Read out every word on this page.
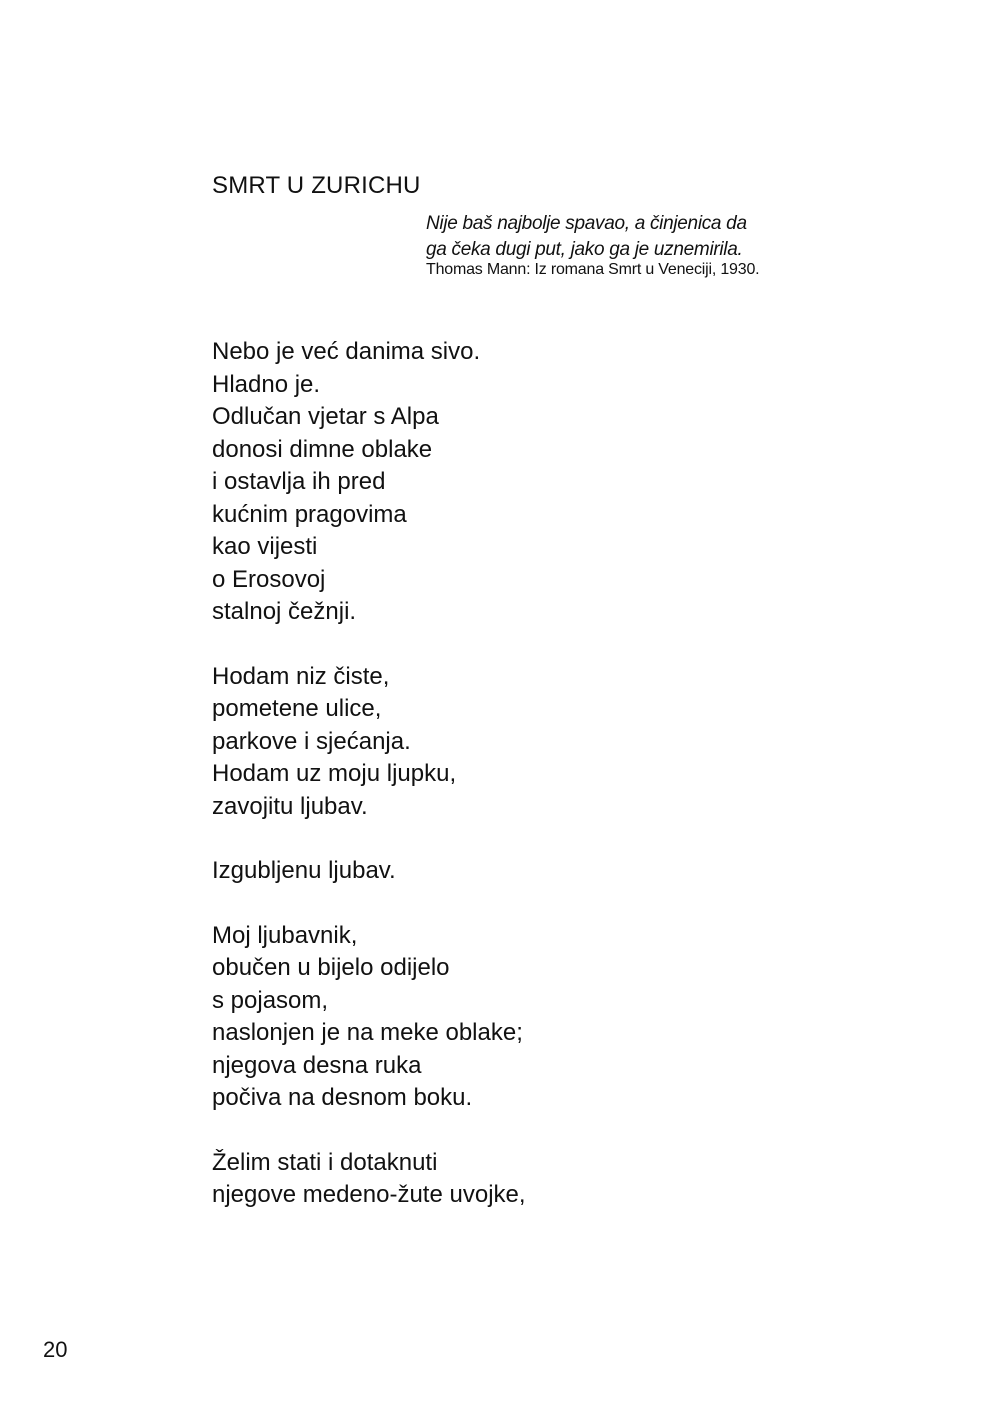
SMRT U ZURICHU
Nije baš najbolje spavao, a činjenica da
ga čeka dugi put, jako ga je uznemirila.
Thomas Mann: Iz romana Smrt u Veneciji, 1930.
Nebo je već danima sivo.
Hladno je.
Odlučan vjetar s Alpa
donosi dimne oblake
i ostavlja ih pred
kućnim pragovima
kao vijesti
o Erosovoj
stalnoj čežnji.
Hodam niz čiste,
pometene ulice,
parkove i sjećanja.
Hodam uz moju ljupku,
zavojitu ljubav.
Izgubljenu ljubav.
Moj ljubavnik,
obučen u bijelo odijelo
s pojasom,
naslonjen je na meke oblake;
njegova desna ruka
počiva na desnom boku.
Želim stati i dotaknuti
njegove medeno-žute uvojke,
20
